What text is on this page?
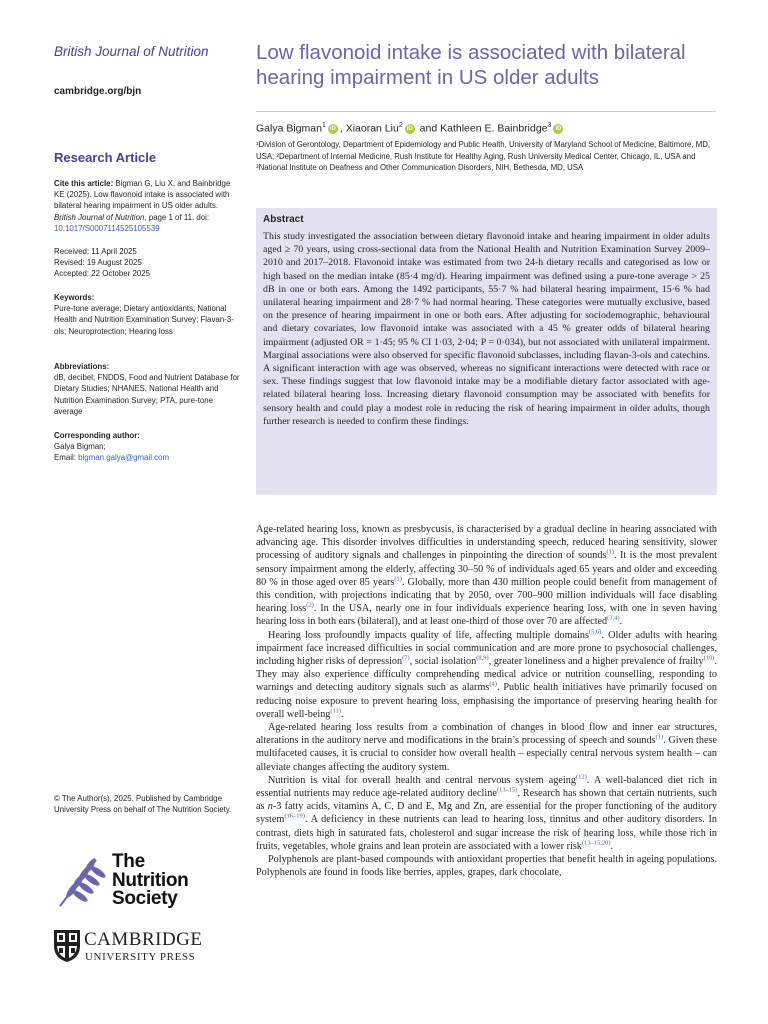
British Journal of Nutrition
cambridge.org/bjn
Low flavonoid intake is associated with bilateral hearing impairment in US older adults
Galya Bigman$^1$ iD , Xiaoran Liu$^2$ iD and Kathleen E. Bainbridge$^3$ iD
¹Division of Gerontology, Department of Epidemiology and Public Health, University of Maryland School of Medicine, Baltimore, MD, USA; ²Department of Internal Medicine, Rush Institute for Healthy Aging, Rush University Medical Center, Chicago, IL, USA and ³National Institute on Deafness and Other Communication Disorders, NIH, Bethesda, MD, USA
Abstract
This study investigated the association between dietary flavonoid intake and hearing impairment in older adults aged ≥ 70 years, using cross-sectional data from the National Health and Nutrition Examination Survey 2009–2010 and 2017–2018. Flavonoid intake was estimated from two 24-h dietary recalls and categorised as low or high based on the median intake (85·4 mg/d). Hearing impairment was defined using a pure-tone average > 25 dB in one or both ears. Among the 1492 participants, 55·7 % had bilateral hearing impairment, 15·6 % had unilateral hearing impairment and 28·7 % had normal hearing. These categories were mutually exclusive, based on the presence of hearing impairment in one or both ears. After adjusting for sociodemographic, behavioural and dietary covariates, low flavonoid intake was associated with a 45 % greater odds of bilateral hearing impairment (adjusted OR = 1·45; 95 % CI 1·03, 2·04; P = 0·034), but not associated with unilateral impairment. Marginal associations were also observed for specific flavonoid subclasses, including flavan-3-ols and catechins. A significant interaction with age was observed, whereas no significant interactions were detected with race or sex. These findings suggest that low flavonoid intake may be a modifiable dietary factor associated with age-related bilateral hearing loss. Increasing dietary flavonoid consumption may be associated with benefits for sensory health and could play a modest role in reducing the risk of hearing impairment in older adults, though further research is needed to confirm these findings.
Research Article
Cite this article: Bigman G, Liu X, and Bainbridge KE (2025). Low flavonoid intake is associated with bilateral hearing impairment in US older adults. British Journal of Nutrition, page 1 of 11. doi: 10.1017/S0007114525105539
Received: 11 April 2025
Revised: 19 August 2025
Accepted: 22 October 2025
Keywords:
Pure-tone average; Dietary antioxidants; National Health and Nutrition Examination Survey; Flavan-3-ols; Neuroprotection; Hearing loss
Abbreviations:
dB, decibel; FNDDS, Food and Nutrient Database for Dietary Studies; NHANES, National Health and Nutrition Examination Survey; PTA, pure-tone average
Corresponding author:
Galya Bigman;
Email: bigman.galya@gmail.com
© The Author(s), 2025. Published by Cambridge University Press on behalf of The Nutrition Society.
The
Nutrition
Society
CAMBRIDGE
UNIVERSITY PRESS

Age-related hearing loss, known as presbycusis, is characterised by a gradual decline in hearing associated with advancing age. This disorder involves difficulties in understanding speech, reduced hearing sensitivity, slower processing of auditory signals and challenges in pinpointing the direction of sounds$^{(1)}$. It is the most prevalent sensory impairment among the elderly, affecting 30–50 % of individuals aged 65 years and older and exceeding 80 % in those aged over 85 years$^{(1)}$. Globally, more than 430 million people could benefit from management of this condition, with projections indicating that by 2050, over 700–900 million individuals will face disabling hearing loss$^{(2)}$. In the USA, nearly one in four individuals experience hearing loss, with one in seven having hearing loss in both ears (bilateral), and at least one-third of those over 70 are affected$^{(3,4)}$.

Hearing loss profoundly impacts quality of life, affecting multiple domains$^{(5,6)}$. Older adults with hearing impairment face increased difficulties in social communication and are more prone to psychosocial challenges, including higher risks of depression$^{(7)}$, social isolation$^{(8,9)}$, greater loneliness and a higher prevalence of frailty$^{(10)}$. They may also experience difficulty comprehending medical advice or nutrition counselling, responding to warnings and detecting auditory signals such as alarms$^{(4)}$. Public health initiatives have primarily focused on reducing noise exposure to prevent hearing loss, emphasising the importance of preserving hearing health for overall well-being$^{(11)}$.

Age-related hearing loss results from a combination of changes in blood flow and inner ear structures, alterations in the auditory nerve and modifications in the brain’s processing of speech and sounds$^{(1)}$. Given these multifaceted causes, it is crucial to consider how overall health – especially central nervous system health – can alleviate changes affecting the auditory system.

Nutrition is vital for overall health and central nervous system ageing$^{(12)}$. A well-balanced diet rich in essential nutrients may reduce age-related auditory decline$^{(13-15)}$. Research has shown that certain nutrients, such as n-3 fatty acids, vitamins A, C, D and E, Mg and Zn, are essential for the proper functioning of the auditory system$^{(16-19)}$. A deficiency in these nutrients can lead to hearing loss, tinnitus and other auditory disorders. In contrast, diets high in saturated fats, cholesterol and sugar increase the risk of hearing loss, while those rich in fruits, vegetables, whole grains and lean protein are associated with a lower risk$^{(13-15,20)}$.

Polyphenols are plant-based compounds with antioxidant properties that benefit health in ageing populations. Polyphenols are found in foods like berries, apples, grapes, dark chocolate,
